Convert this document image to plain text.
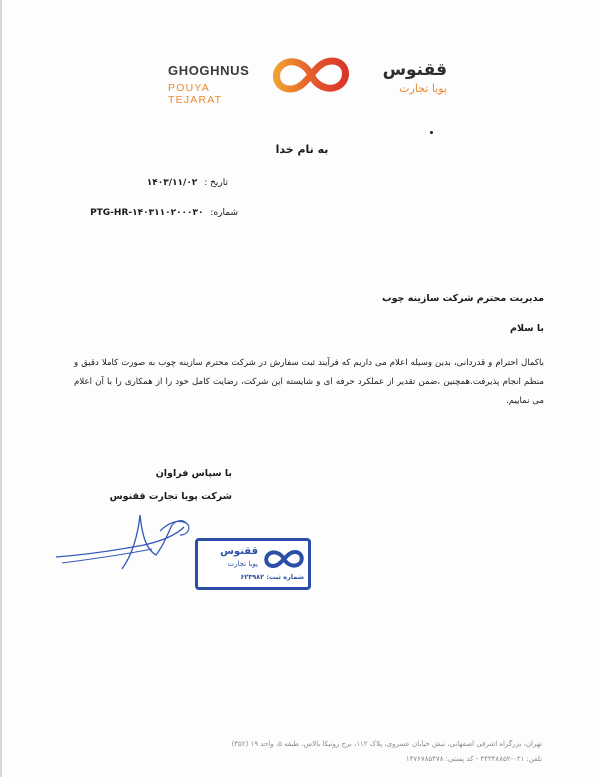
GHOGHNUS
POUYA TEJARAT
ققنوس
پویا تجارت
به نام خدا
تاریخ : ۱۴۰۳/۱۱/۰۲
شماره: PTG-HR-۱۴۰۳۱۱۰۲۰۰۰۳۰
مدیریت محترم شرکت سازینه چوب
با سلام
باکمال احترام و قدردانی، بدین وسیله اعلام می داریم که فرآیند ثبت سفارش در شرکت محترم سازینه چوب به صورت کاملا دقیق و منظم انجام پذیرفت.همچنین ،ضمن تقدیر از عملکرد حرفه ای و شایسته این شرکت، رضایت کامل خود را از همکاری را با آن اعلام می نماییم.
با سپاس فراوان
شرکت پویا تجارت ققنوس
ققنوس
پویا تجارت
شماره ثبت: ۶۲۳۹۸۲
تهران، بزرگراه اشرفی اصفهانی، نبش خیابان عسروی، پلاک ۱۱۲، برج رونیکا بالاس، طبقه ۵، واحد ۱۹ (۳۵۲)
تلفن: ۰۲۱-۴۴۳۴۸۸۵۲ - کد پستی: ۱۴۷۶۷۸۵۴۷۸
